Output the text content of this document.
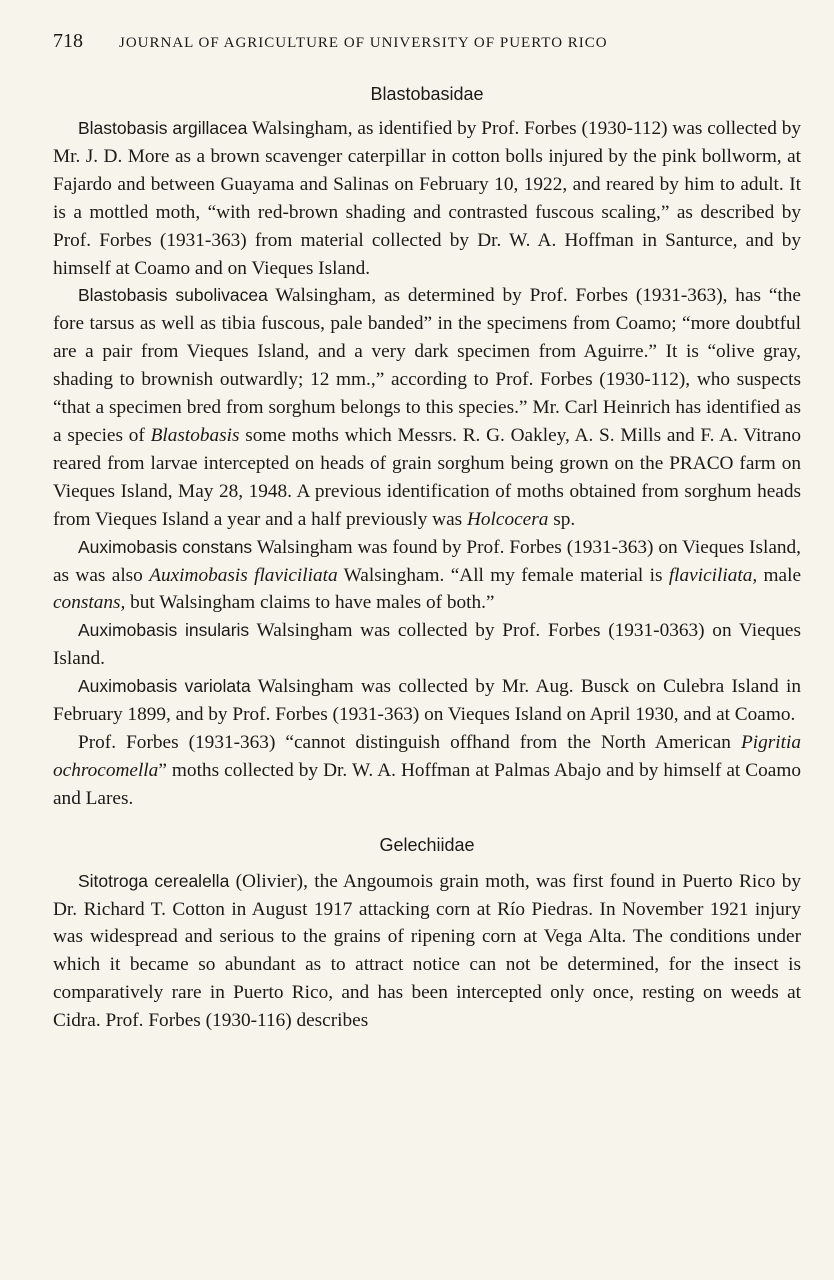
718	JOURNAL OF AGRICULTURE OF UNIVERSITY OF PUERTO RICO
Blastobasidae

Blastobasis argillacea Walsingham, as identified by Prof. Forbes (1930-112) was collected by Mr. J. D. More as a brown scavenger caterpillar in cotton bolls injured by the pink bollworm, at Fajardo and between Guayama and Salinas on February 10, 1922, and reared by him to adult. It is a mottled moth, “with red-brown shading and contrasted fuscous scaling,” as described by Prof. Forbes (1931-363) from material collected by Dr. W. A. Hoffman in Santurce, and by himself at Coamo and on Vieques Island.

Blastobasis subolivacea Walsingham, as determined by Prof. Forbes (1931-363), has “the fore tarsus as well as tibia fuscous, pale banded” in the specimens from Coamo; “more doubtful are a pair from Vieques Island, and a very dark specimen from Aguirre.” It is “olive gray, shading to brownish outwardly; 12 mm.,” according to Prof. Forbes (1930-112), who suspects “that a specimen bred from sorghum belongs to this species.” Mr. Carl Heinrich has identified as a species of Blastobasis some moths which Messrs. R. G. Oakley, A. S. Mills and F. A. Vitrano reared from larvae intercepted on heads of grain sorghum being grown on the PRACO farm on Vieques Island, May 28, 1948. A previous identification of moths obtained from sorghum heads from Vieques Island a year and a half previously was Holcocera sp.

Auximobasis constans Walsingham was found by Prof. Forbes (1931-363) on Vieques Island, as was also Auximobasis flaviciliata Walsingham. “All my female material is flaviciliata, male constans, but Walsingham claims to have males of both.”

Auximobasis insularis Walsingham was collected by Prof. Forbes (1931-0363) on Vieques Island.

Auximobasis variolata Walsingham was collected by Mr. Aug. Busck on Culebra Island in February 1899, and by Prof. Forbes (1931-363) on Vieques Island on April 1930, and at Coamo.

Prof. Forbes (1931-363) “cannot distinguish offhand from the North American Pigritia ochrocomella” moths collected by Dr. W. A. Hoffman at Palmas Abajo and by himself at Coamo and Lares.

Gelechiidae

Sitotroga cerealella (Olivier), the Angoumois grain moth, was first found in Puerto Rico by Dr. Richard T. Cotton in August 1917 attacking corn at Río Piedras. In November 1921 injury was widespread and serious to the grains of ripening corn at Vega Alta. The conditions under which it became so abundant as to attract notice can not be determined, for the insect is comparatively rare in Puerto Rico, and has been intercepted only once, resting on weeds at Cidra. Prof. Forbes (1930-116) describes
